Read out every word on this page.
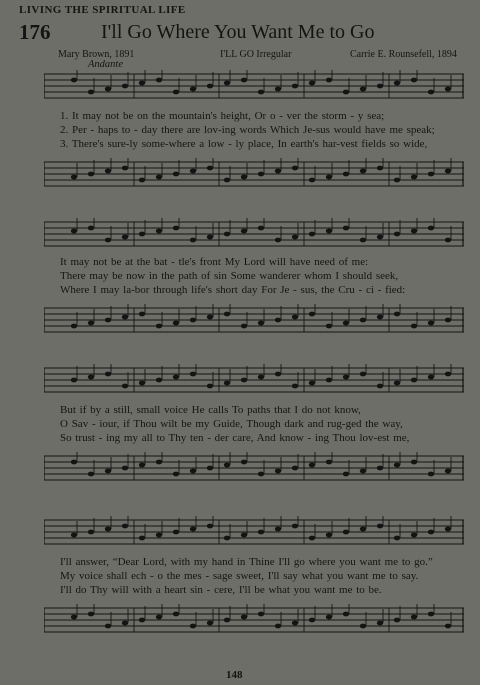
LIVING THE SPIRITUAL LIFE
176	I'll Go Where You Want Me to Go
Mary Brown, 1891	I'LL GO Irregular	Carrie E. Rounsefell, 1894
Andante
1. It may not be on the mountain's height, Or o - ver the storm - y sea;
2. Per - haps to - day there are lov-ing words Which Je-sus would have me speak;
3. There's sure-ly some-where a low - ly place, In earth's har-vest fields so wide,
It may not be at the bat - tle's front My Lord will have need of me:
There may be now in the path of sin Some wanderer whom I should seek,
Where I may la-bor through life's short day For Je - sus, the Cru - ci - fied:
But if by a still, small voice He calls To paths that I do not know,
O Sav - iour, if Thou wilt be my Guide, Though dark and rug-ged the way,
So trust - ing my all to Thy ten - der care, And know - ing Thou lov-est me,
I'll answer, “Dear Lord, with my hand in Thine I'll go where you want me to go.”
My voice shall ech - o the mes - sage sweet, I'll say what you want me to say.
I'll do Thy will with a heart sin - cere, I'll be what you want me to be.
148
